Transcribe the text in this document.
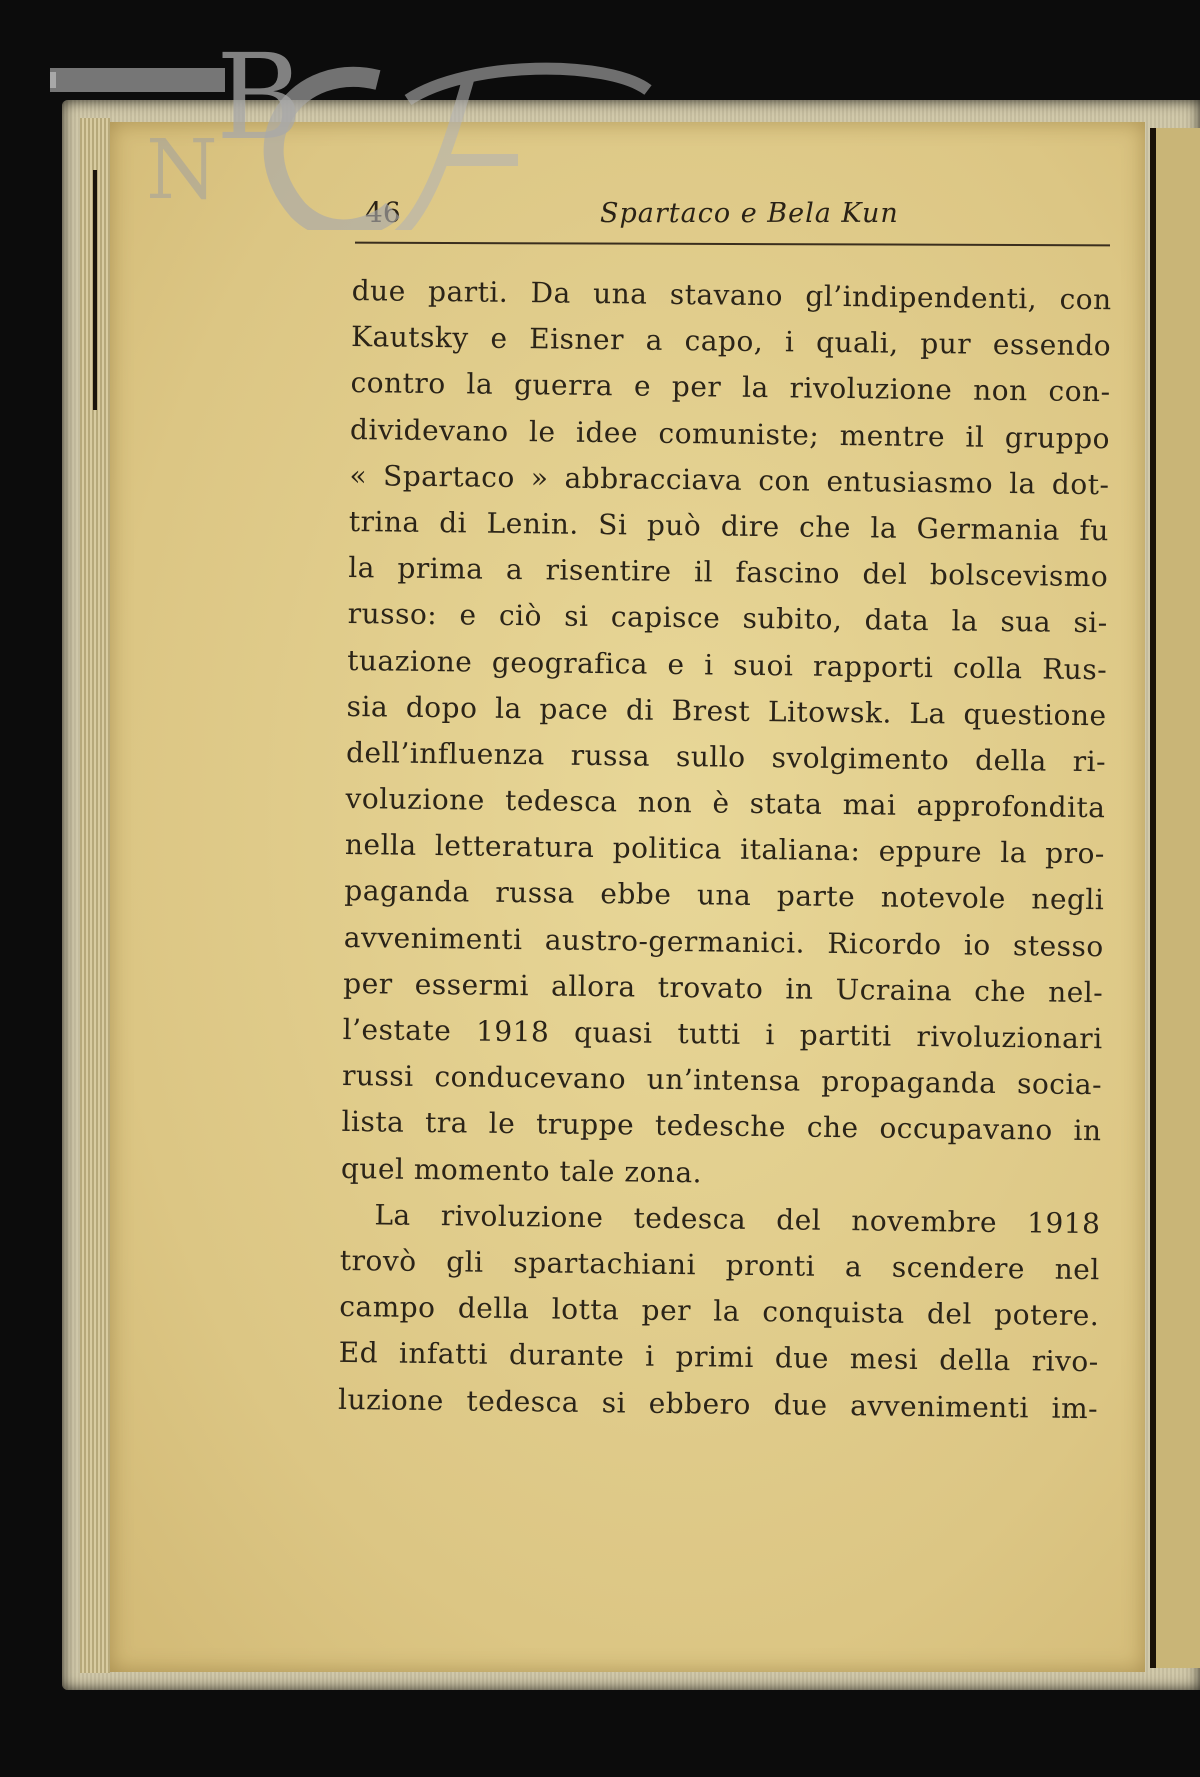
46	Spartaco e Bela Kun
due parti. Da una stavano gl’indipendenti, con
Kautsky e Eisner a capo, i quali, pur essendo
contro la guerra e per la rivoluzione non con-
dividevano le idee comuniste; mentre il gruppo
« Spartaco » abbracciava con entusiasmo la dot-
trina di Lenin. Si può dire che la Germania fu
la prima a risentire il fascino del bolscevismo
russo: e ciò si capisce subito, data la sua si-
tuazione geografica e i suoi rapporti colla Rus-
sia dopo la pace di Brest Litowsk. La questione
dell’influenza russa sullo svolgimento della ri-
voluzione tedesca non è stata mai approfondita
nella letteratura politica italiana: eppure la pro-
paganda russa ebbe una parte notevole negli
avvenimenti austro-germanici. Ricordo io stesso
per essermi allora trovato in Ucraina che nel-
l’estate 1918 quasi tutti i partiti rivoluzionari
russi conducevano un’intensa propaganda socia-
lista tra le truppe tedesche che occupavano in
quel momento tale zona.
La rivoluzione tedesca del novembre 1918
trovò gli spartachiani pronti a scendere nel
campo della lotta per la conquista del potere.
Ed infatti durante i primi due mesi della rivo-
luzione tedesca si ebbero due avvenimenti im-
B
N
